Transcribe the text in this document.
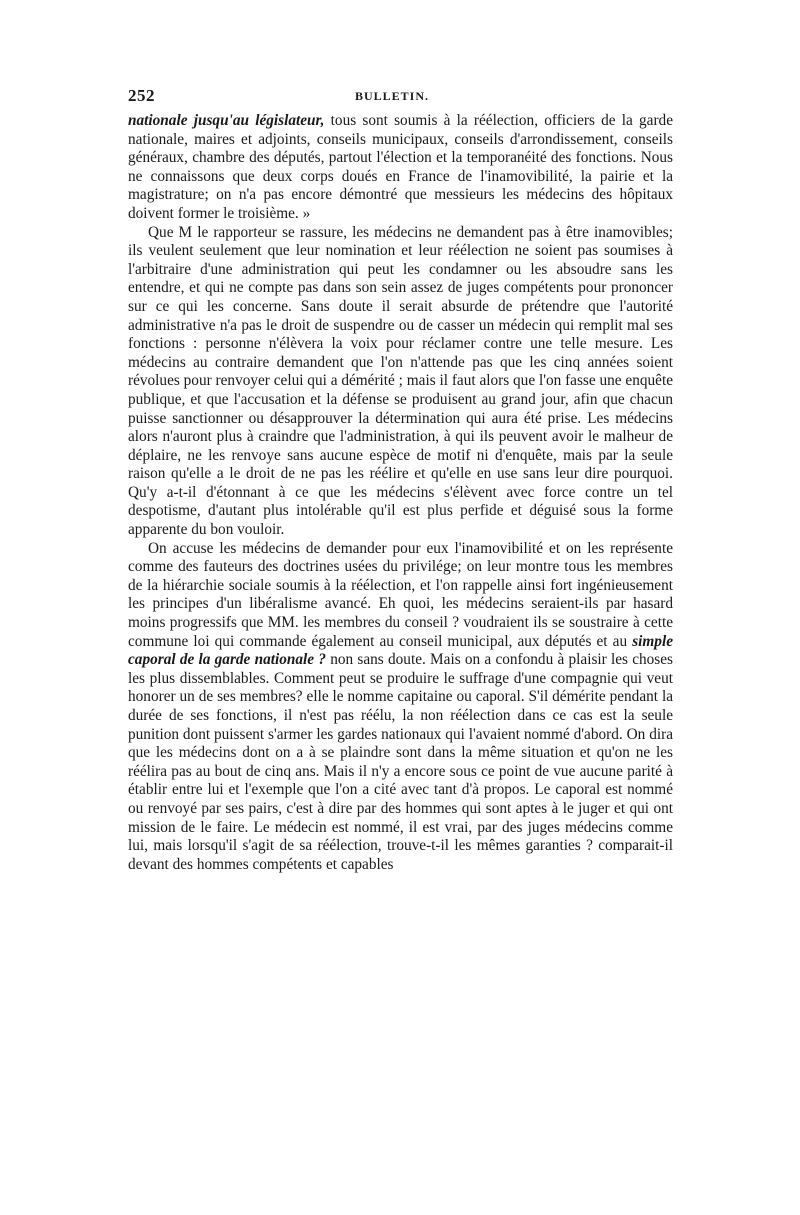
252	BULLETIN.

nationale jusqu'au législateur, tous sont soumis à la réélection, officiers de la garde nationale, maires et adjoints, conseils municipaux, conseils d'arrondissement, conseils généraux, chambre des députés, partout l'élection et la temporanéité des fonctions. Nous ne connaissons que deux corps doués en France de l'inamovibilité, la pairie et la magistrature; on n'a pas encore démontré que messieurs les médecins des hôpitaux doivent former le troisième. »

Que M le rapporteur se rassure, les médecins ne demandent pas à être inamovibles; ils veulent seulement que leur nomination et leur réélection ne soient pas soumises à l'arbitraire d'une administration qui peut les condamner ou les absoudre sans les entendre, et qui ne compte pas dans son sein assez de juges compétents pour prononcer sur ce qui les concerne. Sans doute il serait absurde de prétendre que l'autorité administrative n'a pas le droit de suspendre ou de casser un médecin qui remplit mal ses fonctions : personne n'élèvera la voix pour réclamer contre une telle mesure. Les médecins au contraire demandent que l'on n'attende pas que les cinq années soient révolues pour renvoyer celui qui a démérité ; mais il faut alors que l'on fasse une enquête publique, et que l'accusation et la défense se produisent au grand jour, afin que chacun puisse sanctionner ou désapprouver la détermination qui aura été prise. Les médecins alors n'auront plus à craindre que l'administration, à qui ils peuvent avoir le malheur de déplaire, ne les renvoye sans aucune espèce de motif ni d'enquête, mais par la seule raison qu'elle a le droit de ne pas les réélire et qu'elle en use sans leur dire pourquoi. Qu'y a-t-il d'étonnant à ce que les médecins s'élèvent avec force contre un tel despotisme, d'autant plus intolérable qu'il est plus perfide et déguisé sous la forme apparente du bon vouloir.

On accuse les médecins de demander pour eux l'inamovibilité et on les représente comme des fauteurs des doctrines usées du privilége; on leur montre tous les membres de la hiérarchie sociale soumis à la réélection, et l'on rappelle ainsi fort ingénieusement les principes d'un libéralisme avancé. Eh quoi, les médecins seraient-ils par hasard moins progressifs que MM. les membres du conseil ? voudraient ils se soustraire à cette commune loi qui commande également au conseil municipal, aux députés et au simple caporal de la garde nationale ? non sans doute. Mais on a confondu à plaisir les choses les plus dissemblables. Comment peut se produire le suffrage d'une compagnie qui veut honorer un de ses membres? elle le nomme capitaine ou caporal. S'il démérite pendant la durée de ses fonctions, il n'est pas réélu, la non réélection dans ce cas est la seule punition dont puissent s'armer les gardes nationaux qui l'avaient nommé d'abord. On dira que les médecins dont on a à se plaindre sont dans la même situation et qu'on ne les réélira pas au bout de cinq ans. Mais il n'y a encore sous ce point de vue aucune parité à établir entre lui et l'exemple que l'on a cité avec tant d'à propos. Le caporal est nommé ou renvoyé par ses pairs, c'est à dire par des hommes qui sont aptes à le juger et qui ont mission de le faire. Le médecin est nommé, il est vrai, par des juges médecins comme lui, mais lorsqu'il s'agit de sa réélection, trouve-t-il les mêmes garanties ? comparait-il devant des hommes compétents et capables
